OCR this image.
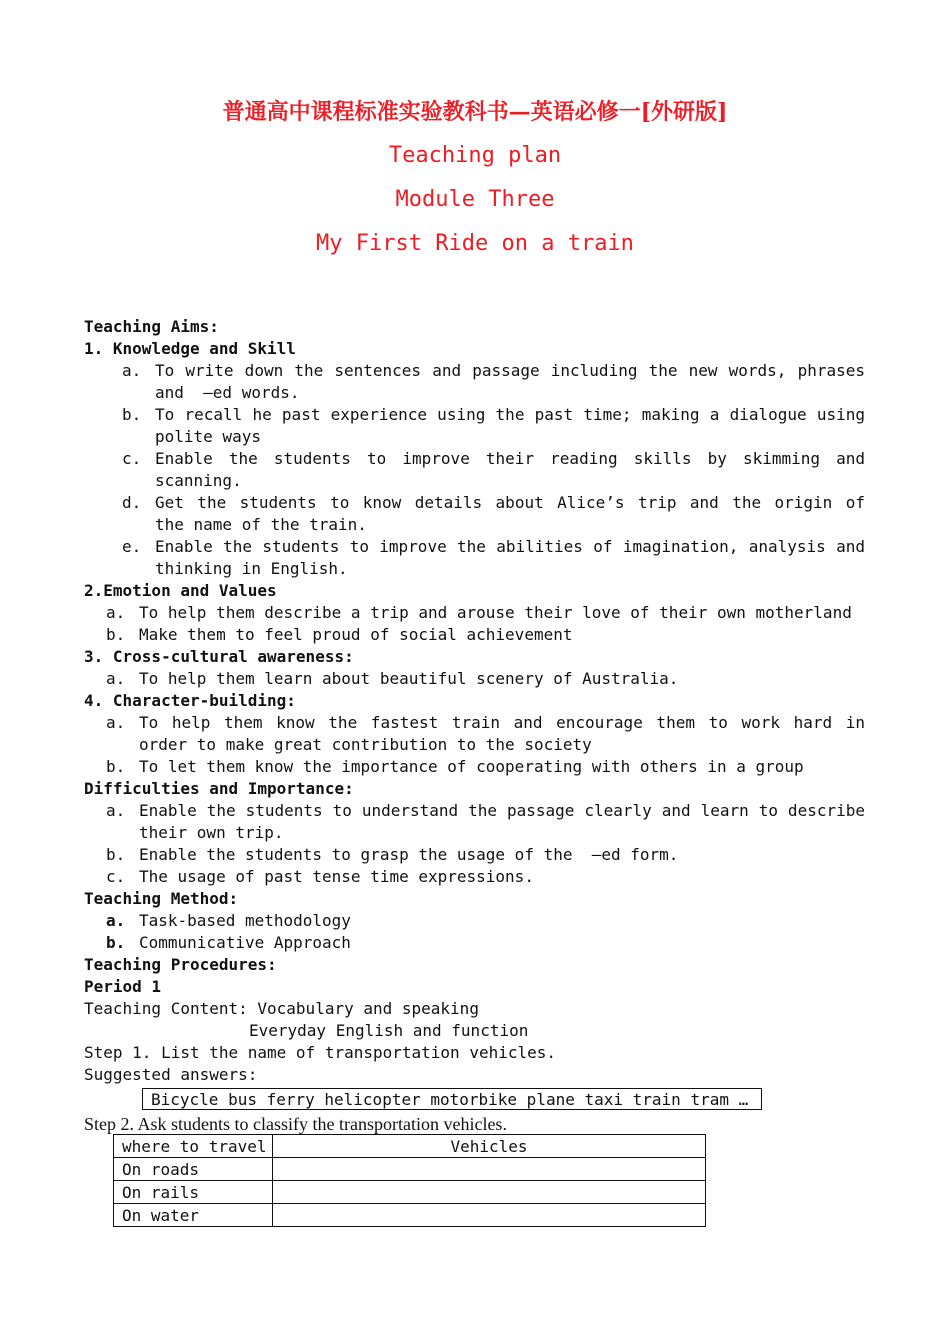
普通高中课程标准实验教科书—英语必修一[外研版]
Teaching plan
Module Three
My First Ride on a train
Teaching Aims:
1. Knowledge and Skill
a. To write down the sentences and passage including the new words, phrases
and  –ed words.
b. To recall he past experience using the past time; making a dialogue using
polite ways
c. Enable the students to improve their reading skills by skimming and
scanning.
d. Get the students to know details about Alice’s trip and the origin of
the name of the train.
e. Enable the students to improve the abilities of imagination, analysis and
thinking in English.
2.Emotion and Values
a. To help them describe a trip and arouse their love of their own motherland
b. Make them to feel proud of social achievement
3. Cross-cultural awareness:
a. To help them learn about beautiful scenery of Australia.
4. Character-building:
a. To help them know the fastest train and encourage them to work hard in
order to make great contribution to the society
b. To let them know the importance of cooperating with others in a group
Difficulties and Importance:
a. Enable the students to understand the passage clearly and learn to describe
their own trip.
b. Enable the students to grasp the usage of the  –ed form.
c. The usage of past tense time expressions.
Teaching Method:
a. Task-based methodology
b. Communicative Approach
Teaching Procedures:
Period 1
Teaching Content: Vocabulary and speaking
Everyday English and function
Step 1. List the name of transportation vehicles.
Suggested answers:
Bicycle bus ferry helicopter motorbike plane taxi train tram …
Step 2. Ask students to classify the transportation vehicles.
where to travel	Vehicles
On roads	
On rails	
On water	
